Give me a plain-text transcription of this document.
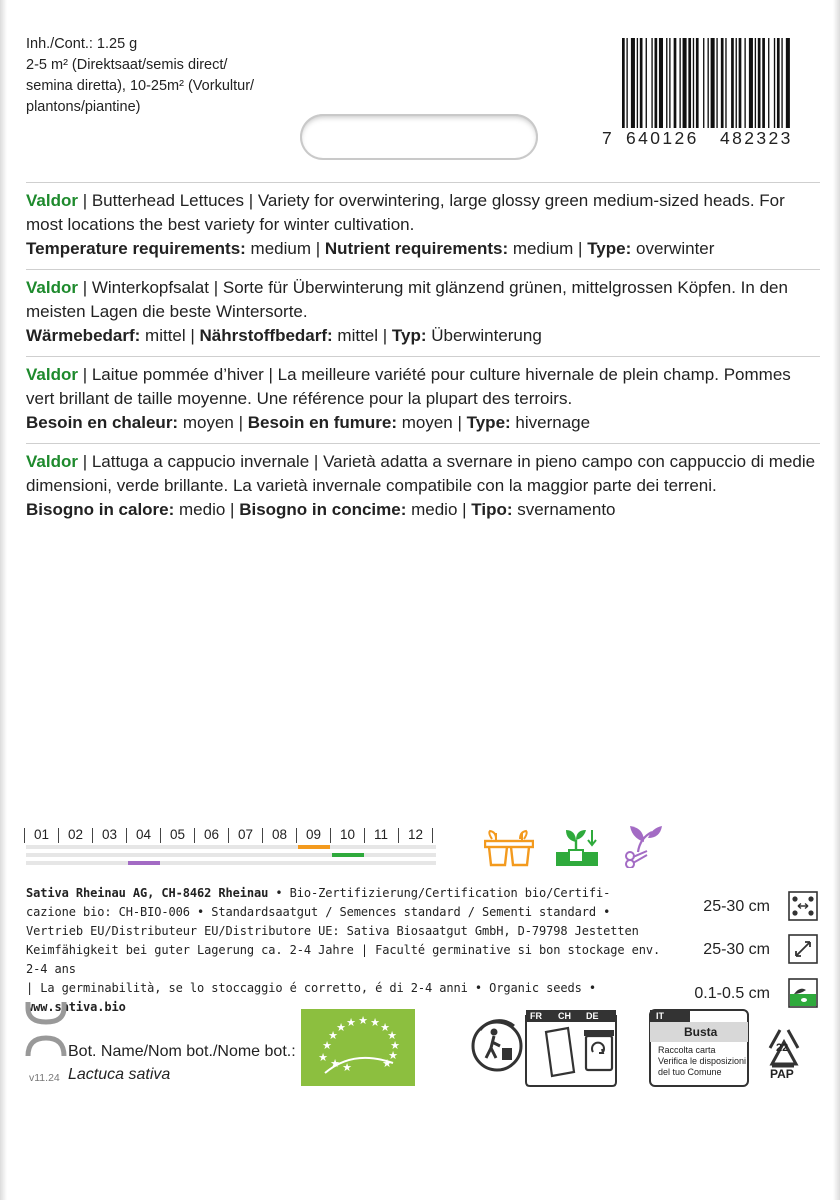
Inh./Cont.: 1.25 g
2-5 m² (Direktsaat/semis direct/
semina diretta), 10-25m² (Vorkultur/
plantons/piantine)
7 640126 482323
Valdor | Butterhead Lettuces | Variety for overwintering, large glossy green medium-sized heads. For most locations the best variety for winter cultivation.
Temperature requirements: medium | Nutrient requirements: medium | Type: overwinter
Valdor | Winterkopfsalat | Sorte für Überwinterung mit glänzend grünen, mittelgrossen Köpfen. In den meisten Lagen die beste Wintersorte.
Wärmebedarf: mittel | Nährstoffbedarf: mittel | Typ: Überwinterung
Valdor | Laitue pommée d’hiver | La meilleure variété pour culture hivernale de plein champ. Pommes vert brillant de taille moyenne. Une référence pour la plupart des terroirs.
Besoin en chaleur: moyen | Besoin en fumure: moyen | Type: hivernage
Valdor | Lattuga a cappucio invernale | Varietà adatta a svernare in pieno campo con cappuccio di medie dimensioni, verde brillante. La varietà invernale compatibile con la maggior parte dei terreni.
Bisogno in calore: medio | Bisogno in concime: medio | Tipo: svernamento
01 02 03 04 05 06 07 08 09 10 11 12
Sativa Rheinau AG, CH-8462 Rheinau • Bio-Zertifizierung/Certification bio/Certifi-
cazione bio: CH-BIO-006 • Standardsaatgut / Semences standard / Sementi standard •
Vertrieb EU/Distributeur EU/Distributore UE: Sativa Biosaatgut GmbH, D-79798 Jestetten
Keimfähigkeit bei guter Lagerung ca. 2-4 Jahre | Faculté germinative si bon stockage env. 2-4 ans
| La germinabilità, se lo stoccaggio é corretto, é di 2-4 anni • Organic seeds • www.sativa.bio
25-30 cm
25-30 cm
0.1-0.5 cm
Bot. Name/Nom bot./Nome bot.:
Lactuca sativa
v11.24
★
★
★
★ ★ ★ ★ ★
★
★
★
★
★ ★
FR CH DE	IT
Busta
Raccolta carta
Verifica le disposizioni
del tuo Comune
22
PAP
